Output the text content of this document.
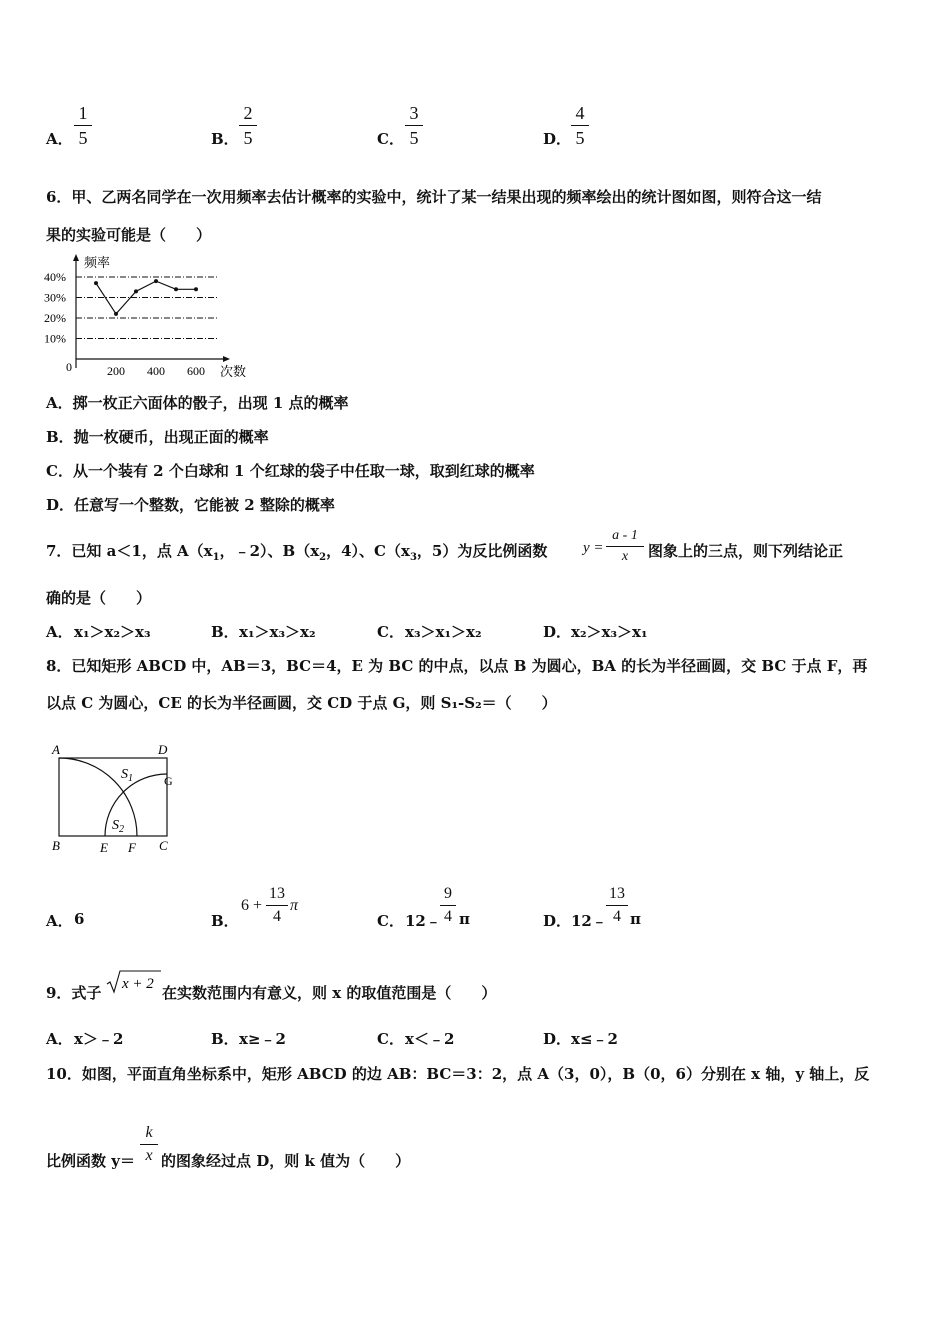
A．
1
5	B．
2
5	C．
3
5	D．
4
5
6．甲、乙两名同学在一次用频率去估计概率的实验中，统计了某一结果出现的频率绘出的统计图如图，则符合这一结
果的实验可能是（　　）
频率
次数
0
10%
20%
30%
40%
200 400 600
A．掷一枚正六面体的骰子，出现 1 点的概率
B．抛一枚硬币，出现正面的概率
C．从一个装有 2 个白球和 1 个红球的袋子中任取一球，取到红球的概率
D．任意写一个整数，它能被 2 整除的概率
7．已知 a＜1，点 $A(x_1$，﹣2）、$B(x_2$，4）、$C(x_3$，5）为反比例函数 y =
a - 1
x	图象上的三点，则下列结论正
确的是（　　）
A． x₁＞x₂＞x₃	B． x₁＞x₃＞x₂	C． x₃＞x₁＞x₂	D． x₂＞x₃＞x₁
8．已知矩形 ABCD 中，AB＝3，BC＝4，E 为 BC 的中点，以点 B 为圆心，BA 的长为半径画圆，交 BC 于点 F，再
以点 C 为圆心，CE 的长为半径画圆，交 CD 于点 G，则 S₁-S₂＝（　　）
A	D
B	C
E F
G
$S_1$
$S_2$
A． 6	B．
6 +
13
4
π
C． 12﹣
9
4 π	D． 12﹣
13
4 π
9．式子 x + 2 在实数范围内有意义，则 x 的取值范围是（　　）
A． x＞﹣2	B． x≥﹣2	C． x＜﹣2	D． x≤﹣2
10．如图，平面直角坐标系中，矩形 ABCD 的边 AB：BC＝3：2，点 A（3，0），B（0，6）分别在 x 轴，y 轴上，反
比例函数 y＝
k
x 的图象经过点 D，则 k 值为（　　）
